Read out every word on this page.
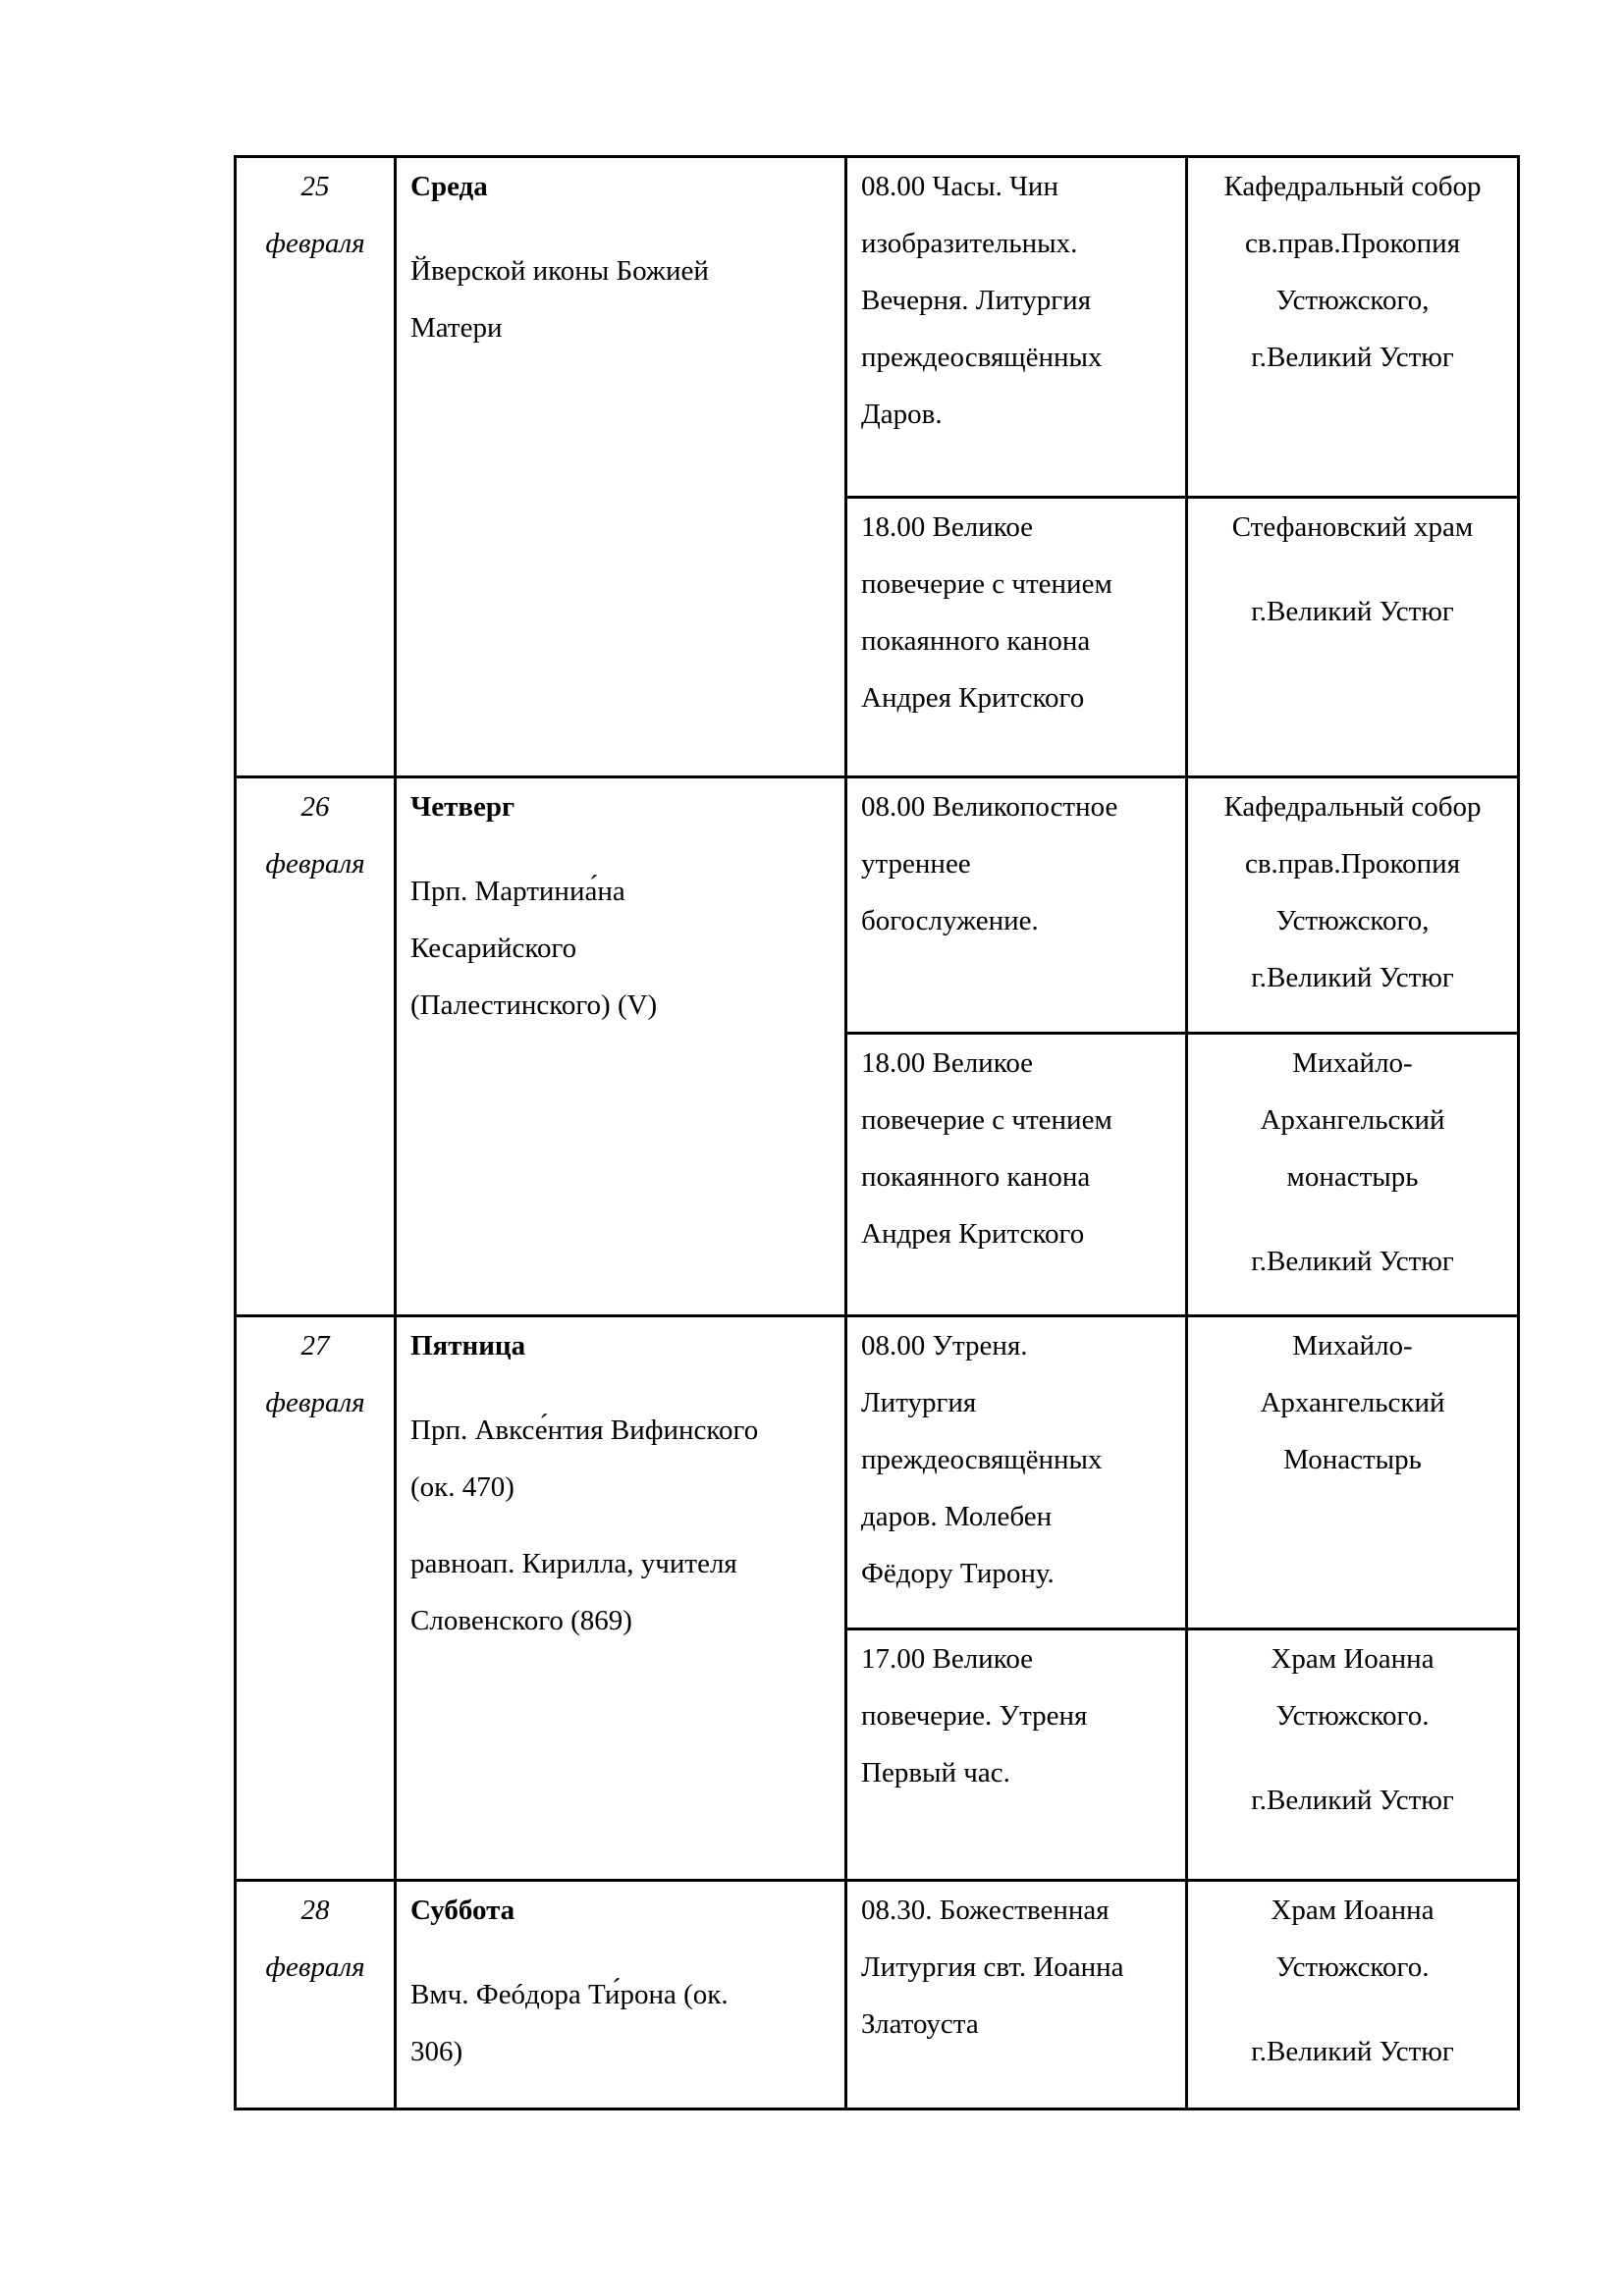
25
февраля	Среда
Йверской иконы Божией
Матери	08.00 Часы. Чин
изобразительных.
Вечерня. Литургия
преждеосвящённых
Даров.	Кафедральный собор
св.прав.Прокопия
Устюжского,
г.Великий Устюг

		18.00 Великое
повечерие с чтением
покаянного канона
Андрея Критского	Стефановский храм
г.Великий Устюг

26
февраля	Четверг
Прп. Мартиниа́на
Кесарийского
(Палестинского) (V)	08.00 Великопостное
утреннее
богослужение.	Кафедральный собор
св.прав.Прокопия
Устюжского,
г.Великий Устюг

		18.00 Великое
повечерие с чтением
покаянного канона
Андрея Критского	Михайло-
Архангельский
монастырь
г.Великий Устюг

27
февраля	Пятница
Прп. Авксе́нтия Вифинского
(ок. 470)
равноап. Кирилла, учителя
Словенского (869)	08.00 Утреня.
Литургия
преждеосвящённых
даров. Молебен
Фёдору Тирону.	Михайло-
Архангельский
Монастырь

		17.00 Великое
повечерие. Утреня
Первый час.	Храм Иоанна
Устюжского.
г.Великий Устюг

28
февраля	Суббота
Вмч. Феóдора Ти́рона (ок.
306)	08.30. Божественная
Литургия свт. Иоанна
Златоуста	Храм Иоанна
Устюжского.
г.Великий Устюг
